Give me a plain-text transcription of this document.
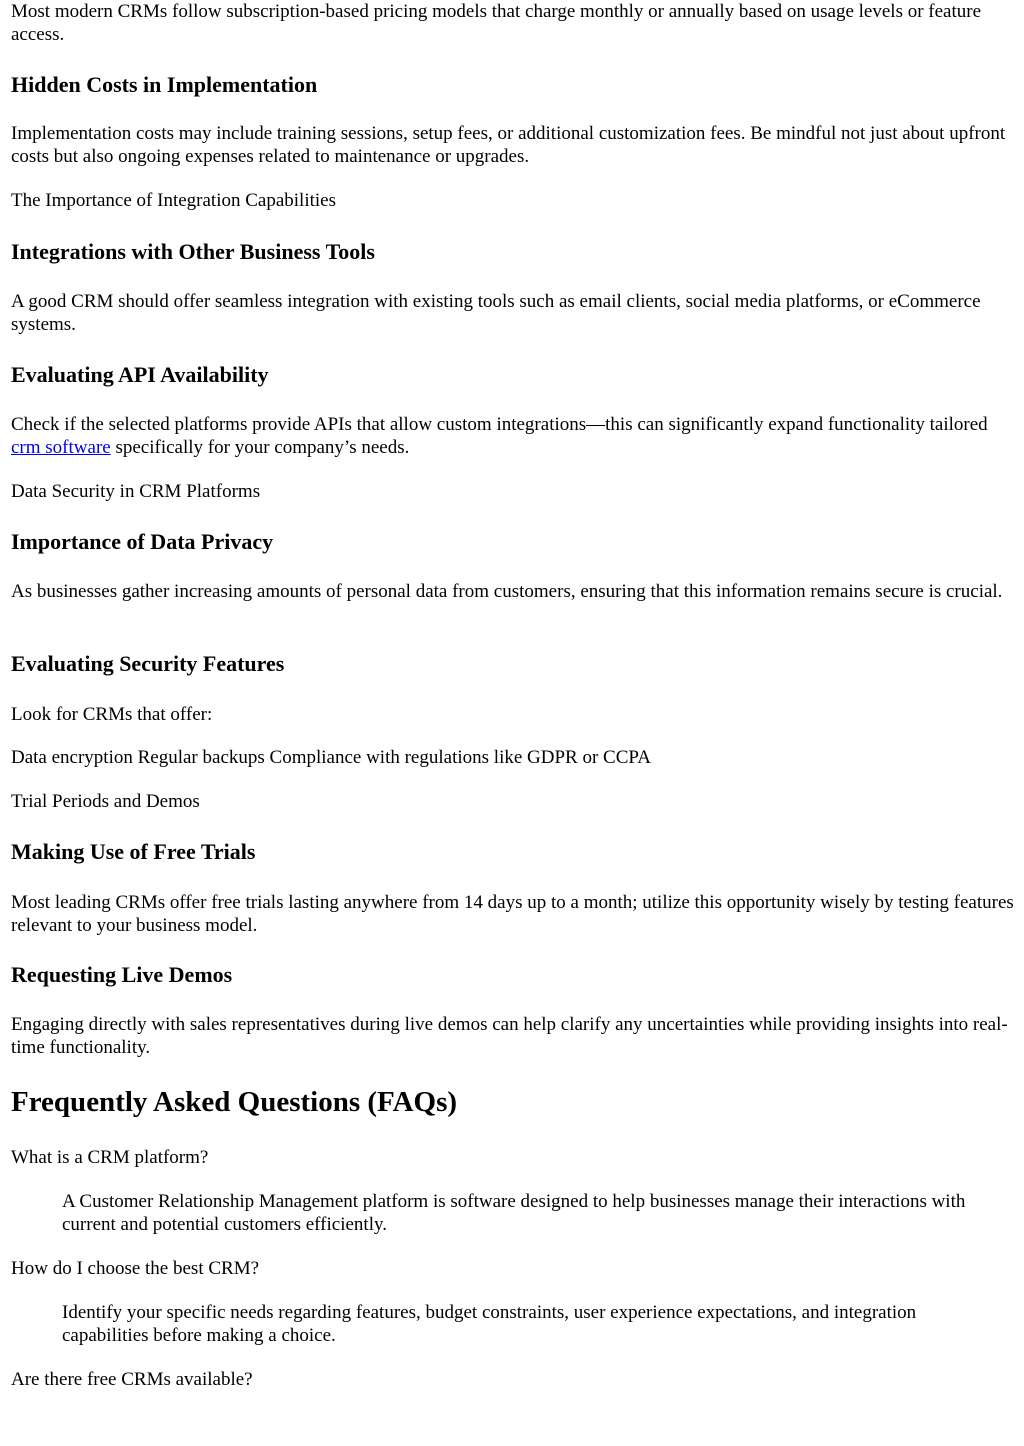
Most modern CRMs follow subscription-based pricing models that charge monthly or annually based on usage levels or feature access.

Hidden Costs in Implementation

Implementation costs may include training sessions, setup fees, or additional customization fees. Be mindful not just about upfront costs but also ongoing expenses related to maintenance or upgrades.

The Importance of Integration Capabilities

Integrations with Other Business Tools

A good CRM should offer seamless integration with existing tools such as email clients, social media platforms, or eCommerce systems.

Evaluating API Availability

Check if the selected platforms provide APIs that allow custom integrations—this can significantly expand functionality tailored crm software specifically for your company’s needs.

Data Security in CRM Platforms

Importance of Data Privacy

As businesses gather increasing amounts of personal data from customers, ensuring that this information remains secure is crucial.

Evaluating Security Features

Look for CRMs that offer:

Data encryption Regular backups Compliance with regulations like GDPR or CCPA

Trial Periods and Demos

Making Use of Free Trials

Most leading CRMs offer free trials lasting anywhere from 14 days up to a month; utilize this opportunity wisely by testing features relevant to your business model.

Requesting Live Demos

Engaging directly with sales representatives during live demos can help clarify any uncertainties while providing insights into real-time functionality.

Frequently Asked Questions (FAQs)

What is a CRM platform?

A Customer Relationship Management platform is software designed to help businesses manage their interactions with current and potential customers efficiently.

How do I choose the best CRM?

Identify your specific needs regarding features, budget constraints, user experience expectations, and integration capabilities before making a choice.

Are there free CRMs available?
